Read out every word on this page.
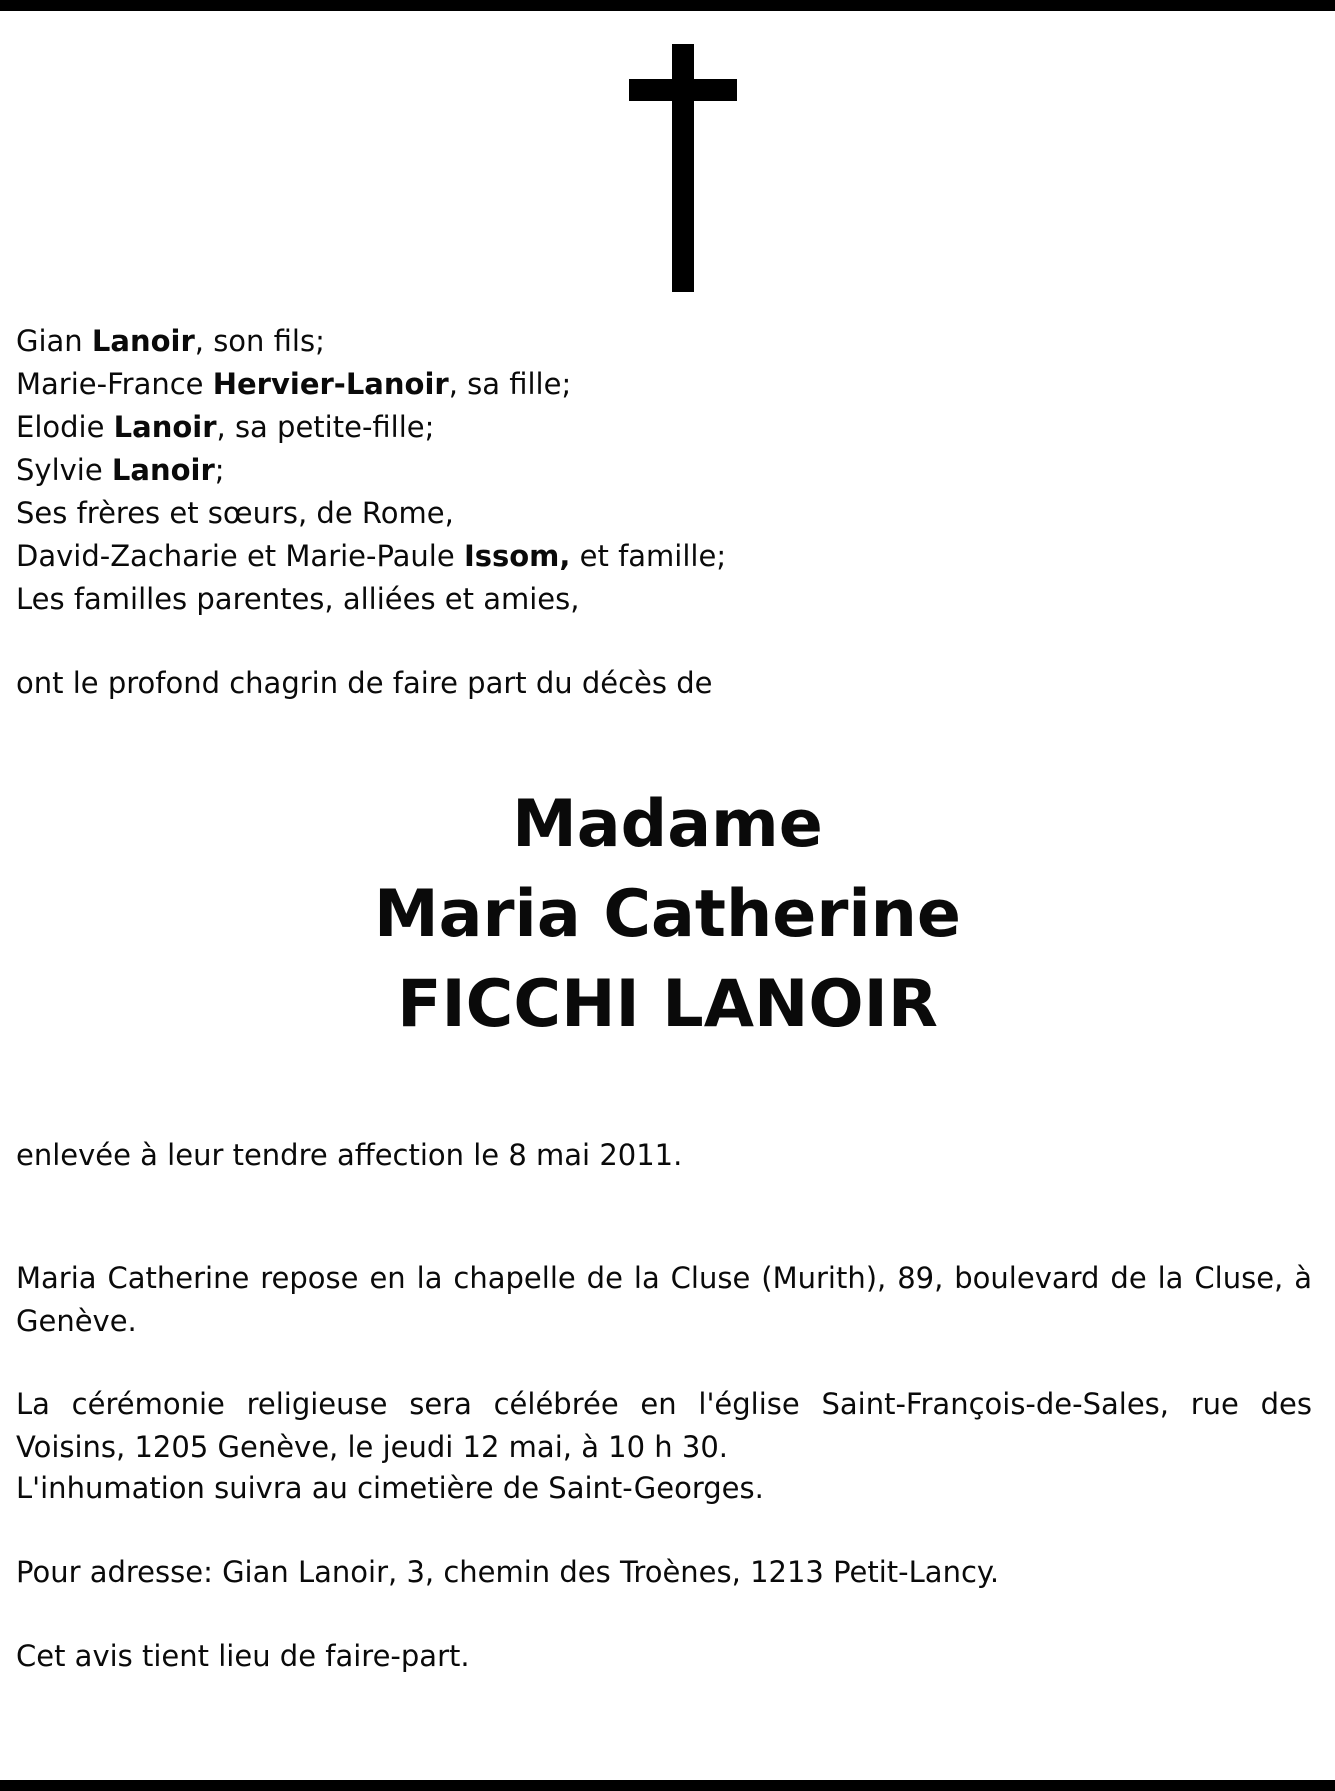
Gian Lanoir, son fils;
Marie-France Hervier-Lanoir, sa fille;
Elodie Lanoir, sa petite-fille;
Sylvie Lanoir;
Ses frères et sœurs, de Rome,
David-Zacharie et Marie-Paule Issom, et famille;
Les familles parentes, alliées et amies,
ont le profond chagrin de faire part du décès de
Madame
Maria Catherine
FICCHI LANOIR
enlevée à leur tendre affection le 8 mai 2011.
Maria Catherine repose en la chapelle de la Cluse (Murith), 89, boulevard de la Cluse, à Genève.
La cérémonie religieuse sera célébrée en l'église Saint-François-de-Sales, rue des Voisins, 1205 Genève, le jeudi 12 mai, à 10 h 30.
L'inhumation suivra au cimetière de Saint-Georges.
Pour adresse: Gian Lanoir, 3, chemin des Troènes, 1213 Petit-Lancy.
Cet avis tient lieu de faire-part.
